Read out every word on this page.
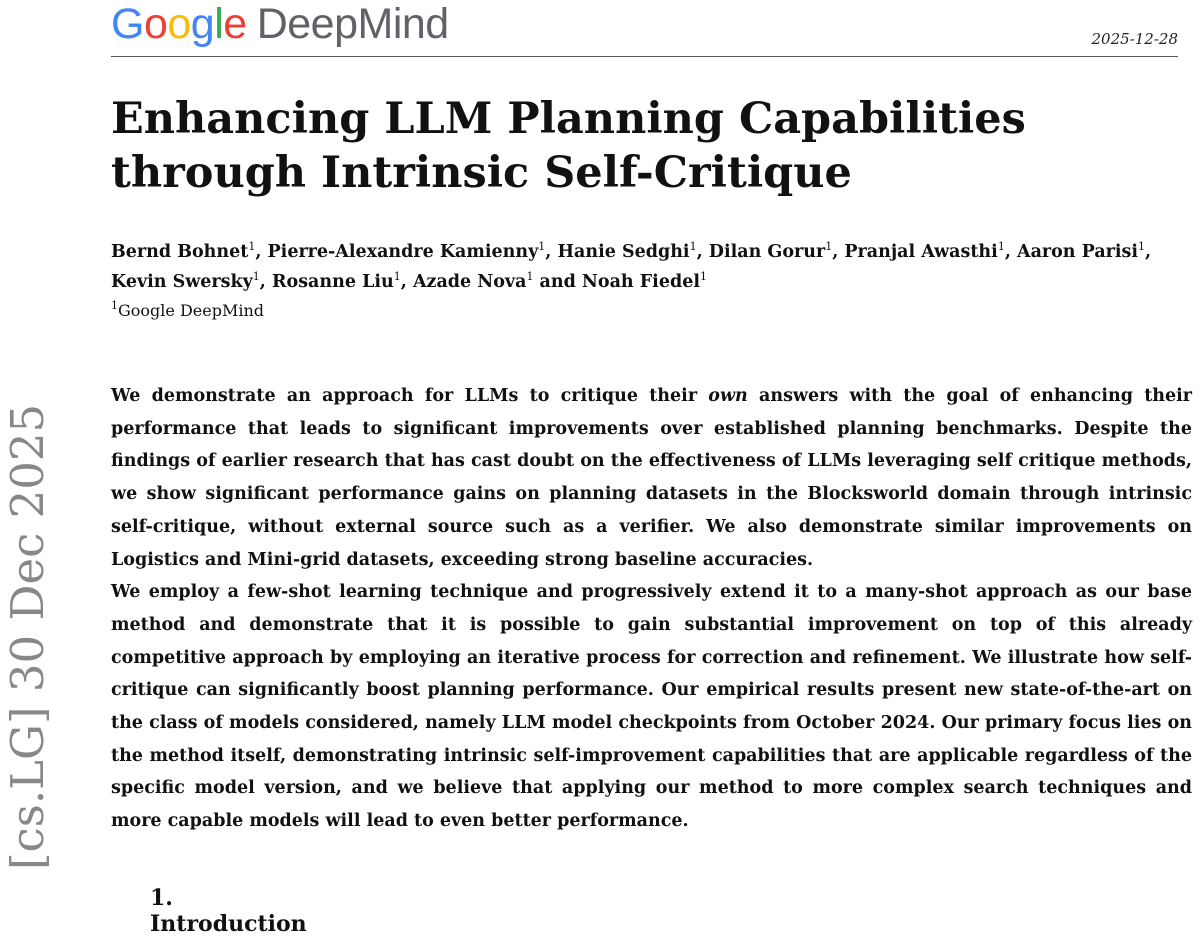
Google DeepMind	2025-12-28
Enhancing LLM Planning Capabilities through Intrinsic Self-Critique
Bernd Bohnet$^1$, Pierre-Alexandre Kamienny$^1$, Hanie Sedghi$^1$, Dilan Gorur$^1$, Pranjal Awasthi$^1$, Aaron Parisi$^1$, Kevin Swersky$^1$, Rosanne Liu$^1$, Azade Nova$^1$ and Noah Fiedel$^1$
$^1$Google DeepMind

We demonstrate an approach for LLMs to critique their own answers with the goal of enhancing their performance that leads to significant improvements over established planning benchmarks. Despite the findings of earlier research that has cast doubt on the effectiveness of LLMs leveraging self critique methods, we show significant performance gains on planning datasets in the Blocksworld domain through intrinsic self-critique, without external source such as a verifier. We also demonstrate similar improvements on Logistics and Mini-grid datasets, exceeding strong baseline accuracies.

We employ a few-shot learning technique and progressively extend it to a many-shot approach as our base method and demonstrate that it is possible to gain substantial improvement on top of this already competitive approach by employing an iterative process for correction and refinement. We illustrate how self-critique can significantly boost planning performance. Our empirical results present new state-of-the-art on the class of models considered, namely LLM model checkpoints from October 2024. Our primary focus lies on the method itself, demonstrating intrinsic self-improvement capabilities that are applicable regardless of the specific model version, and we believe that applying our method to more complex search techniques and more capable models will lead to even better performance.

[cs.LG] 30 Dec 2025
1. Introduction
